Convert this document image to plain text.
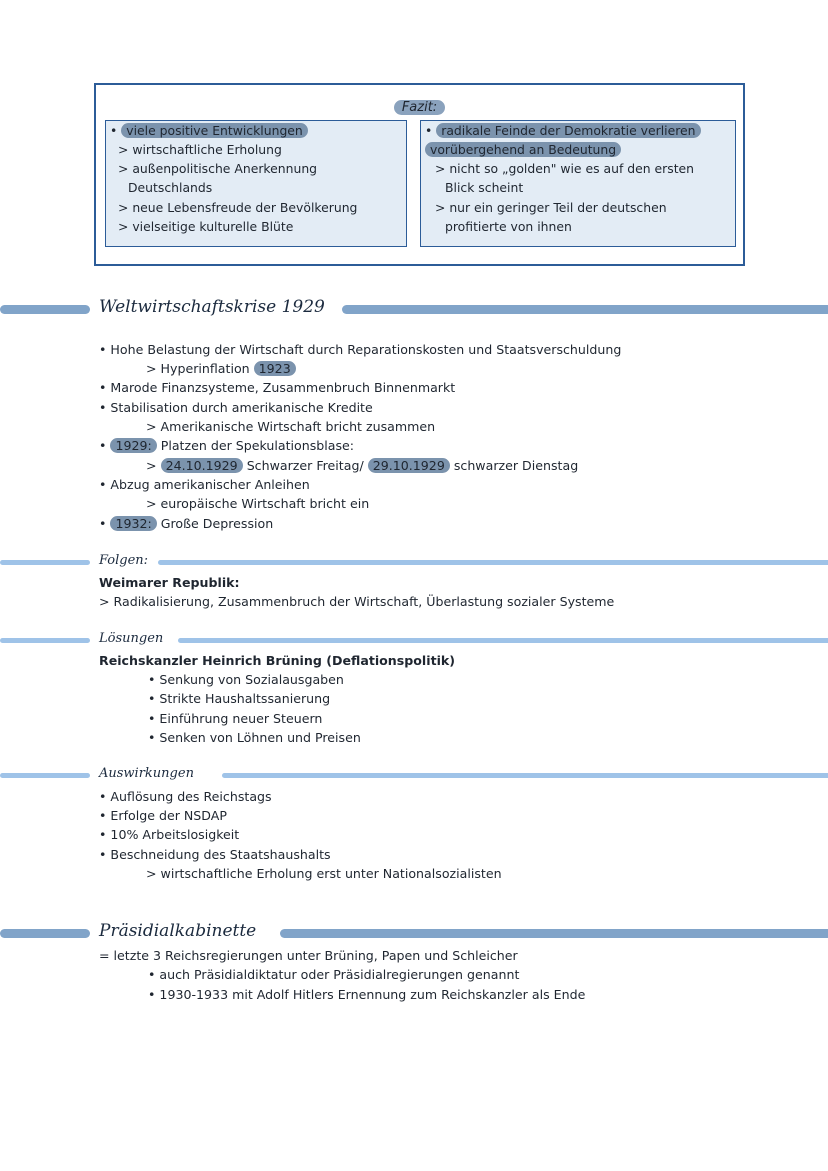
Fazit:
• viele positive Entwicklungen
> wirtschaftliche Erholung
> außenpolitische Anerkennung
Deutschlands
> neue Lebensfreude der Bevölkerung
> vielseitige kulturelle Blüte
• radikale Feinde der Demokratie verlieren
vorübergehend an Bedeutung
> nicht so „golden" wie es auf den ersten
Blick scheint
> nur ein geringer Teil der deutschen
profitierte von ihnen
Weltwirtschaftskrise 1929
• Hohe Belastung der Wirtschaft durch Reparationskosten und Staatsverschuldung
> Hyperinflation 1923
• Marode Finanzsysteme, Zusammenbruch Binnenmarkt
• Stabilisation durch amerikanische Kredite
> Amerikanische Wirtschaft bricht zusammen
• 1929: Platzen der Spekulationsblase:
> 24.10.1929 Schwarzer Freitag/ 29.10.1929 schwarzer Dienstag
• Abzug amerikanischer Anleihen
> europäische Wirtschaft bricht ein
• 1932: Große Depression
Folgen:
Weimarer Republik:
> Radikalisierung, Zusammenbruch der Wirtschaft, Überlastung sozialer Systeme
Lösungen
Reichskanzler Heinrich Brüning (Deflationspolitik)
• Senkung von Sozialausgaben
• Strikte Haushaltssanierung
• Einführung neuer Steuern
• Senken von Löhnen und Preisen
Auswirkungen
• Auflösung des Reichstags
• Erfolge der NSDAP
• 10% Arbeitslosigkeit
• Beschneidung des Staatshaushalts
> wirtschaftliche Erholung erst unter Nationalsozialisten
Präsidialkabinette
= letzte 3 Reichsregierungen unter Brüning, Papen und Schleicher
• auch Präsidialdiktatur oder Präsidialregierungen genannt
• 1930-1933 mit Adolf Hitlers Ernennung zum Reichskanzler als Ende
